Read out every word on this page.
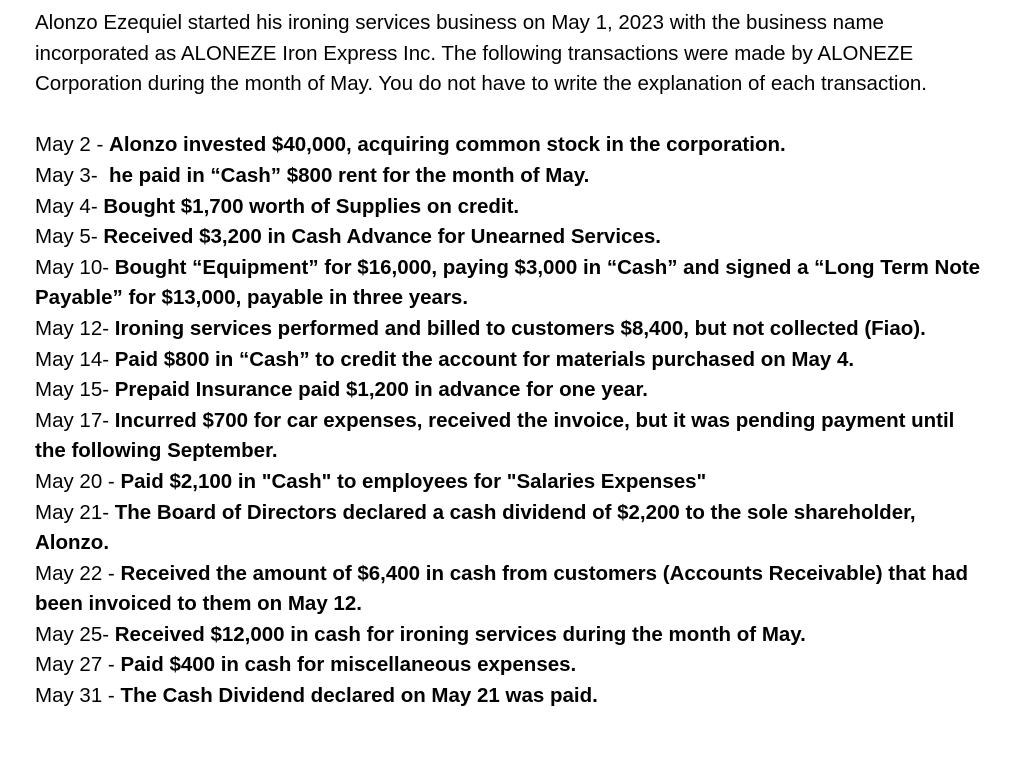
Alonzo Ezequiel started his ironing services business on May 1, 2023 with the business name incorporated as ALONEZE Iron Express Inc. The following transactions were made by ALONEZE Corporation during the month of May. You do not have to write the explanation of each transaction.

May 2 - Alonzo invested $40,000, acquiring common stock in the corporation.

May 3-  he paid in “Cash” $800 rent for the month of May.

May 4- Bought $1,700 worth of Supplies on credit.

May 5- Received $3,200 in Cash Advance for Unearned Services.

May 10- Bought “Equipment” for $16,000, paying $3,000 in “Cash” and signed a “Long Term Note Payable” for $13,000, payable in three years.

May 12- Ironing services performed and billed to customers $8,400, but not collected (Fiao).

May 14- Paid $800 in “Cash” to credit the account for materials purchased on May 4.

May 15- Prepaid Insurance paid $1,200 in advance for one year.

May 17- Incurred $700 for car expenses, received the invoice, but it was pending payment until the following September.

May 20 - Paid $2,100 in "Cash" to employees for "Salaries Expenses"

May 21- The Board of Directors declared a cash dividend of $2,200 to the sole shareholder, Alonzo.

May 22 - Received the amount of $6,400 in cash from customers (Accounts Receivable) that had been invoiced to them on May 12.

May 25- Received $12,000 in cash for ironing services during the month of May.

May 27 - Paid $400 in cash for miscellaneous expenses.

May 31 - The Cash Dividend declared on May 21 was paid.
